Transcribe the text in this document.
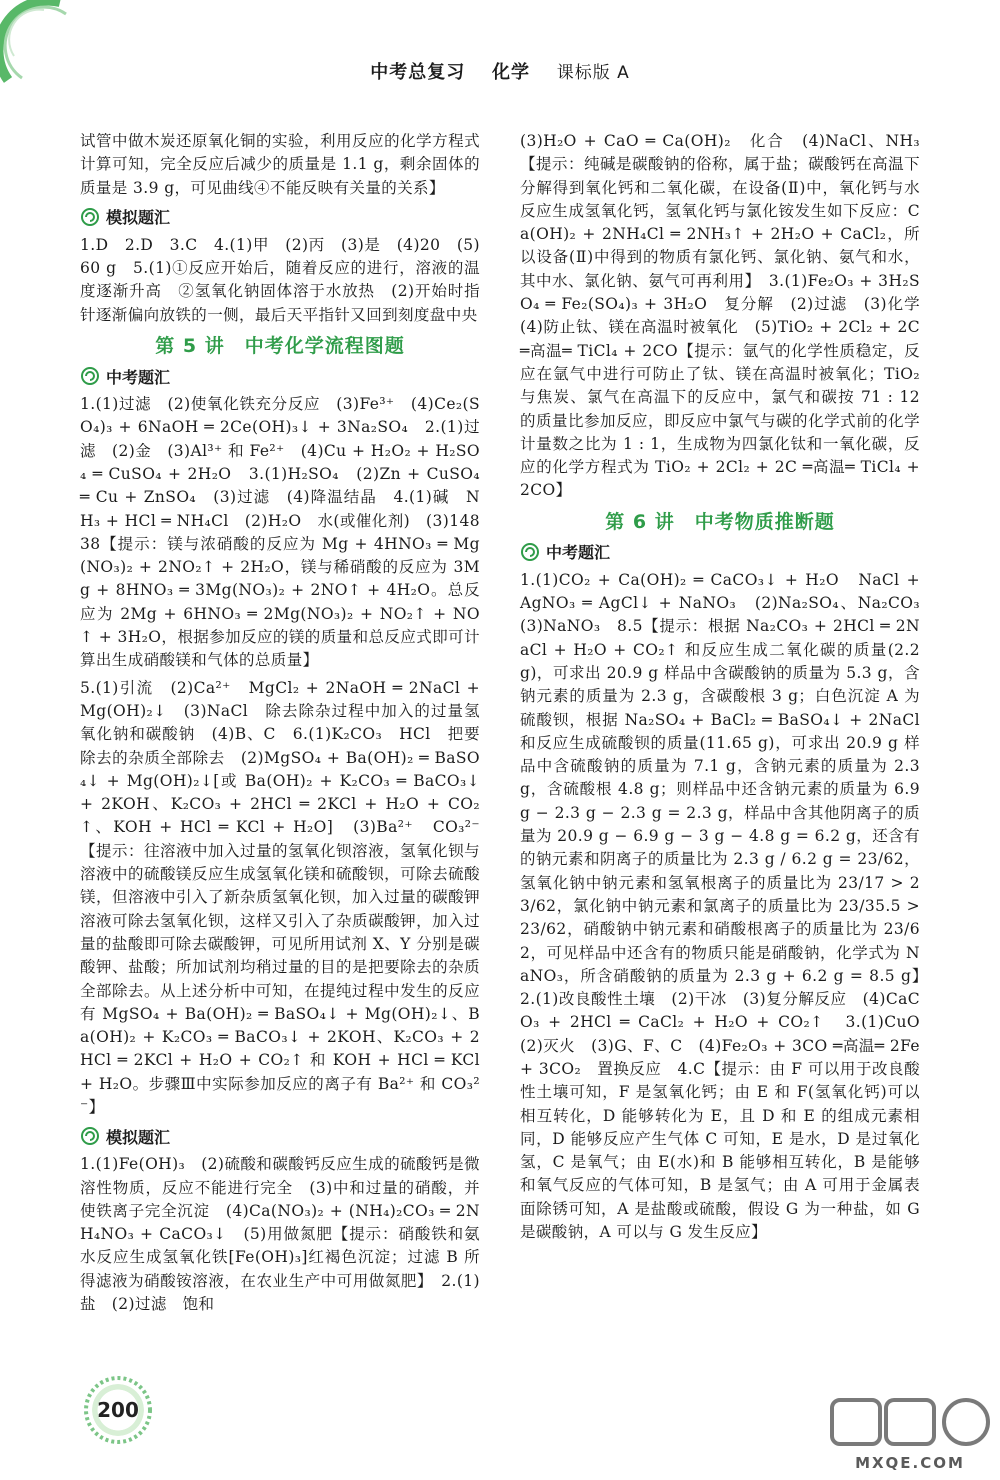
中考总复习 化学 课标版 A

试管中做木炭还原氧化铜的实验，利用反应的化学方程式计算可知，完全反应后减少的质量是 1.1 g，剩余固体的质量是 3.9 g，可见曲线④不能反映有关量的关系】

模拟题汇

1.D　2.D　3.C　4.(1)甲　(2)丙　(3)是　(4)20　(5)60 g　5.(1)①反应开始后，随着反应的进行，溶液的温度逐渐升高　②氢氧化钠固体溶于水放热　(2)开始时指针逐渐偏向放铁的一侧，最后天平指针又回到刻度盘中央

第 5 讲　中考化学流程图题
中考题汇

1.(1)过滤　(2)使氧化铁充分反应　(3)Fe³⁺　(4)Ce₂(SO₄)₃ + 6NaOH ═ 2Ce(OH)₃↓ + 3Na₂SO₄　2.(1)过滤　(2)金　(3)Al³⁺ 和 Fe²⁺　(4)Cu + H₂O₂ + H₂SO₄ ═ CuSO₄ + 2H₂O　3.(1)H₂SO₄　(2)Zn + CuSO₄ ═ Cu + ZnSO₄　(3)过滤　(4)降温结晶　4.(1)碱　NH₃ + HCl ═ NH₄Cl　(2)H₂O　水(或催化剂)　(3)148　38【提示：镁与浓硝酸的反应为 Mg + 4HNO₃ ═ Mg(NO₃)₂ + 2NO₂↑ + 2H₂O，镁与稀硝酸的反应为 3Mg + 8HNO₃ ═ 3Mg(NO₃)₂ + 2NO↑ + 4H₂O。总反应为 2Mg + 6HNO₃ ═ 2Mg(NO₃)₂ + NO₂↑ + NO↑ + 3H₂O，根据参加反应的镁的质量和总反应式即可计算出生成硝酸镁和气体的总质量】

5.(1)引流　(2)Ca²⁺　MgCl₂ + 2NaOH ═ 2NaCl + Mg(OH)₂↓　(3)NaCl　除去除杂过程中加入的过量氢氧化钠和碳酸钠　(4)B、C　6.(1)K₂CO₃　HCl　把要除去的杂质全部除去　(2)MgSO₄ + Ba(OH)₂ ═ BaSO₄↓ + Mg(OH)₂↓[或 Ba(OH)₂ + K₂CO₃ ═ BaCO₃↓ + 2KOH、K₂CO₃ + 2HCl ═ 2KCl + H₂O + CO₂↑、KOH + HCl ═ KCl + H₂O]　(3)Ba²⁺　CO₃²⁻【提示：往溶液中加入过量的氢氧化钡溶液，氢氧化钡与溶液中的硫酸镁反应生成氢氧化镁和硫酸钡，可除去硫酸镁，但溶液中引入了新杂质氢氧化钡，加入过量的碳酸钾溶液可除去氢氧化钡，这样又引入了杂质碳酸钾，加入过量的盐酸即可除去碳酸钾，可见所用试剂 X、Y 分别是碳酸钾、盐酸；所加试剂均稍过量的目的是把要除去的杂质全部除去。从上述分析中可知，在提纯过程中发生的反应有 MgSO₄ + Ba(OH)₂ ═ BaSO₄↓ + Mg(OH)₂↓、Ba(OH)₂ + K₂CO₃ ═ BaCO₃↓ + 2KOH、K₂CO₃ + 2HCl ═ 2KCl + H₂O + CO₂↑ 和 KOH + HCl ═ KCl + H₂O。步骤Ⅲ中实际参加反应的离子有 Ba²⁺ 和 CO₃²⁻】

模拟题汇

1.(1)Fe(OH)₃　(2)硫酸和碳酸钙反应生成的硫酸钙是微溶性物质，反应不能进行完全　(3)中和过量的硝酸，并使铁离子完全沉淀　(4)Ca(NO₃)₂ + (NH₄)₂CO₃ ═ 2NH₄NO₃ + CaCO₃↓　(5)用做氮肥【提示：硝酸铁和氨水反应生成氢氧化铁[Fe(OH)₃]红褐色沉淀；过滤 B 所得滤液为硝酸铵溶液，在农业生产中可用做氮肥】　2.(1)盐　(2)过滤　饱和

(3)H₂O + CaO ═ Ca(OH)₂　化合　(4)NaCl、NH₃【提示：纯碱是碳酸钠的俗称，属于盐；碳酸钙在高温下分解得到氧化钙和二氧化碳，在设备(Ⅱ)中，氧化钙与水反应生成氢氧化钙，氢氧化钙与氯化铵发生如下反应：Ca(OH)₂ + 2NH₄Cl ═ 2NH₃↑ + 2H₂O + CaCl₂，所以设备(Ⅱ)中得到的物质有氯化钙、氯化钠、氨气和水，其中水、氯化钠、氨气可再利用】　3.(1)Fe₂O₃ + 3H₂SO₄ ═ Fe₂(SO₄)₃ + 3H₂O　复分解　(2)过滤　(3)化学　(4)防止钛、镁在高温时被氧化　(5)TiO₂ + 2Cl₂ + 2C ═高温═ TiCl₄ + 2CO【提示：氩气的化学性质稳定，反应在氩气中进行可防止了钛、镁在高温时被氧化；TiO₂ 与焦炭、氯气在高温下的反应中，氯气和碳按 71 : 12 的质量比参加反应，即反应中氯气与碳的化学式前的化学计量数之比为 1 : 1，生成物为四氯化钛和一氧化碳，反应的化学方程式为 TiO₂ + 2Cl₂ + 2C ═高温═ TiCl₄ + 2CO】

第 6 讲　中考物质推断题
中考题汇

1.(1)CO₂ + Ca(OH)₂ ═ CaCO₃↓ + H₂O　NaCl + AgNO₃ ═ AgCl↓ + NaNO₃　(2)Na₂SO₄、Na₂CO₃　(3)NaNO₃　8.5【提示：根据 Na₂CO₃ + 2HCl ═ 2NaCl + H₂O + CO₂↑ 和反应生成二氧化碳的质量(2.2 g)，可求出 20.9 g 样品中含碳酸钠的质量为 5.3 g，含钠元素的质量为 2.3 g，含碳酸根 3 g；白色沉淀 A 为硫酸钡，根据 Na₂SO₄ + BaCl₂ ═ BaSO₄↓ + 2NaCl 和反应生成硫酸钡的质量(11.65 g)，可求出 20.9 g 样品中含硫酸钠的质量为 7.1 g，含钠元素的质量为 2.3 g，含硫酸根 4.8 g；则样品中还含钠元素的质量为 6.9 g − 2.3 g − 2.3 g = 2.3 g，样品中含其他阴离子的质量为 20.9 g − 6.9 g − 3 g − 4.8 g = 6.2 g，还含有的钠元素和阴离子的质量比为 2.3 g / 6.2 g = 23/62，氢氧化钠中钠元素和氢氧根离子的质量比为 23/17 > 23/62，氯化钠中钠元素和氯离子的质量比为 23/35.5 > 23/62，硝酸钠中钠元素和硝酸根离子的质量比为 23/62，可见样品中还含有的物质只能是硝酸钠，化学式为 NaNO₃，所含硝酸钠的质量为 2.3 g + 6.2 g = 8.5 g】　2.(1)改良酸性土壤　(2)干冰　(3)复分解反应　(4)CaCO₃ + 2HCl ═ CaCl₂ + H₂O + CO₂↑　3.(1)CuO　(2)灭火　(3)G、F、C　(4)Fe₂O₃ + 3CO ═高温═ 2Fe + 3CO₂　置换反应　4.C【提示：由 F 可以用于改良酸性土壤可知，F 是氢氧化钙；由 E 和 F(氢氧化钙)可以相互转化，D 能够转化为 E，且 D 和 E 的组成元素相同，D 能够反应产生气体 C 可知，E 是水，D 是过氧化氢，C 是氧气；由 E(水)和 B 能够相互转化，B 是能够和氧气反应的气体可知，B 是氢气；由 A 可用于金属表面除锈可知，A 是盐酸或硫酸，假设 G 为一种盐，如 G 是碳酸钠，A 可以与 G 发生反应】

200
MXQE.COM
